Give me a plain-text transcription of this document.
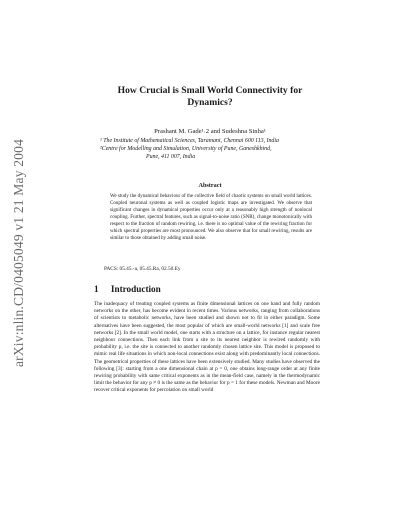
arXiv:nlin.CD/0405049 v1 21 May 2004
How Crucial is Small World Connectivity for
Dynamics?
Prashant M. Gade¹˒2 and Sudeshna Sinha¹
¹ The Institute of Mathematical Sciences, Taramani, Chennai 600 113, India
²Centre for Modelling and Simulation, University of Pune, Ganeshkhind,
Pune, 411 007, India
Abstract
We study the dynamical behaviour of the collective field of chaotic systems on small world lattices. Coupled neuronal systems as well as coupled logistic maps are investigated. We observe that significant changes in dynamical properties occur only at a reasonably high strength of nonlocal coupling. Further, spectral features, such as signal-to-noise ratio (SNR), change monotonically with respect to the fraction of random rewiring, i.e. there is no optimal value of the rewiring fraction for which spectral properties are most pronounced. We also observe that for small rewiring, results are similar to those obtained by adding small noise.
PACS: 05.45.-a, 05.45.Ra, 02.50.Ey
1 Introduction
The inadequacy of treating coupled systems as finite dimensional lattices on one hand and fully random networks on the other, has become evident in recent times. Various networks, ranging from collaborations of scientists to metabolic networks, have been studied and shown not to fit in either paradigm. Some alternatives have been suggested, the most popular of which are small-world networks [1] and scale free networks [2]. In the small world model, one starts with a structure on a lattice, for instance regular nearest neighbour connections. Then each link from a site to its nearest neighbor is rewired randomly with probability p, i.e. the site is connected to another randomly chosen lattice site. This model is proposed to mimic real life situations in which non-local connections exist along with predominantly local connections. The geometrical properties of these lattices have been extensively studied. Many studies have observed the following [3]: starting from a one dimensional chain at p = 0, one obtains long-range order at any finite rewiring probability with same critical exponents as in the mean-field case, namely in the thermodynamic limit the behavior for any p ≠ 0 is the same as the behavior for p = 1 for these models. Newman and Moore recover critical exponents for percolation on small world
